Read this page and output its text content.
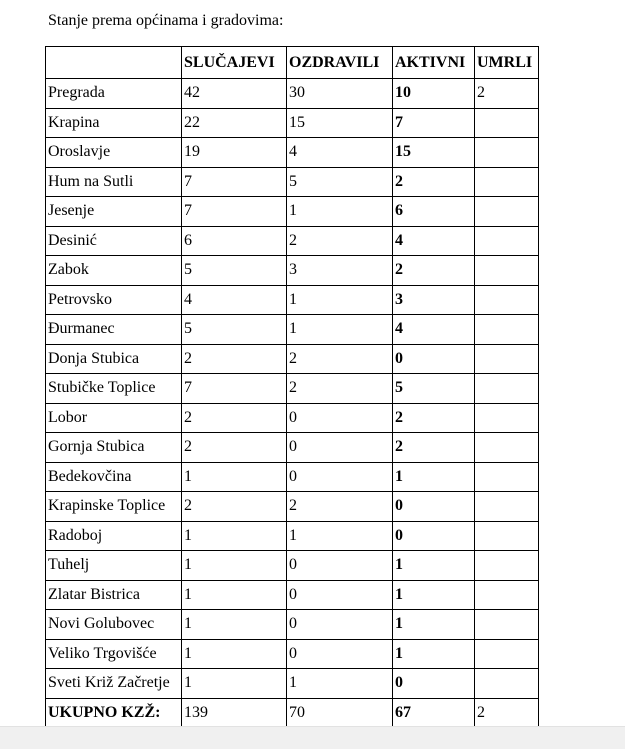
Stanje prema općinama i gradovima:
	SLUČAJEVI	OZDRAVILI	AKTIVNI	UMRLI
Pregrada	42	30	10	2
Krapina	22	15	7	
Oroslavje	19	4	15	
Hum na Sutli	7	5	2	
Jesenje	7	1	6	
Desinić	6	2	4	
Zabok	5	3	2	
Petrovsko	4	1	3	
Đurmanec	5	1	4	
Donja Stubica	2	2	0	
Stubičke Toplice	7	2	5	
Lobor	2	0	2	
Gornja Stubica	2	0	2	
Bedekovčina	1	0	1	
Krapinske Toplice	2	2	0	
Radoboj	1	1	0	
Tuhelj	1	0	1	
Zlatar Bistrica	1	0	1	
Novi Golubovec	1	0	1	
Veliko Trgovišće	1	0	1	
Sveti Križ Začretje	1	1	0	
UKUPNO KZŽ:	139	70	67	2
